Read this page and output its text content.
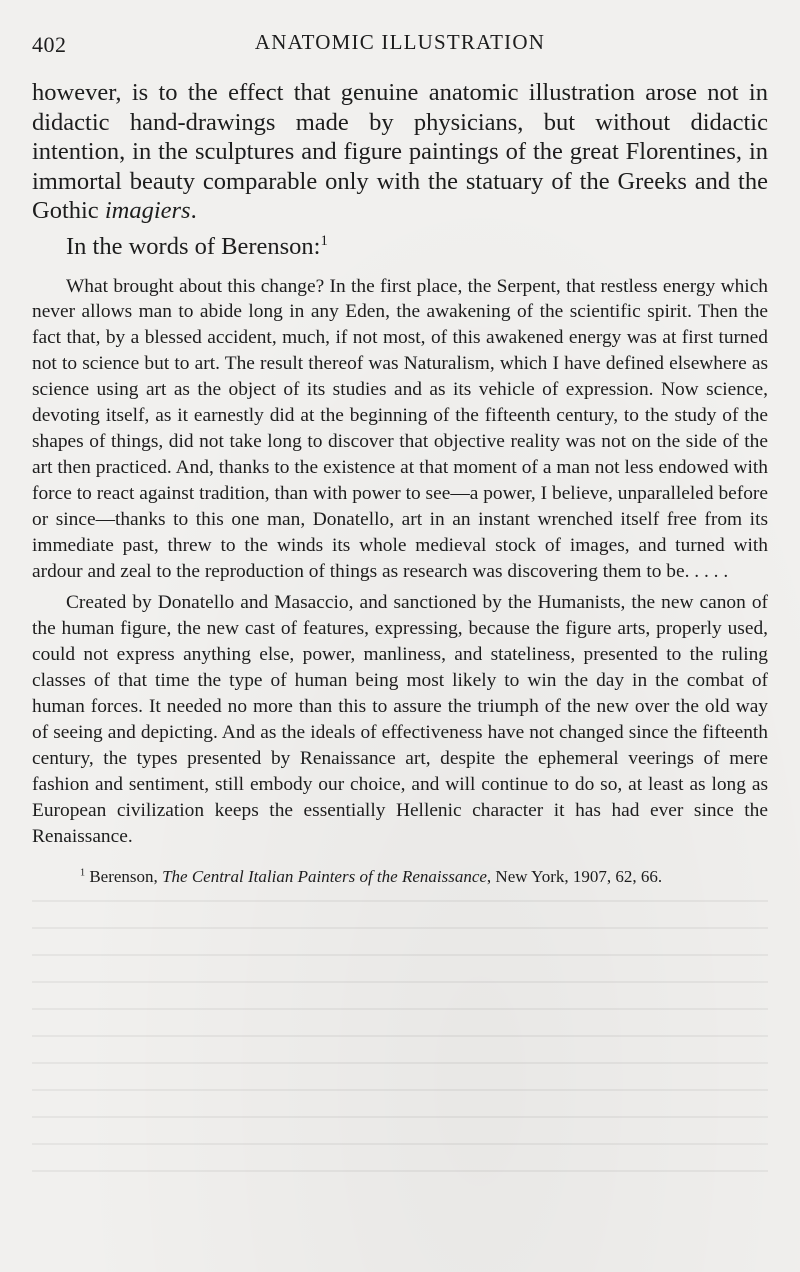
402	ANATOMIC ILLUSTRATION

however, is to the effect that genuine anatomic illustration arose not in didactic hand-drawings made by physicians, but without didactic intention, in the sculptures and figure paintings of the great Florentines, in immortal beauty comparable only with the statuary of the Greeks and the Gothic imagiers.

In the words of Berenson:$^1$

What brought about this change? In the first place, the Serpent, that restless energy which never allows man to abide long in any Eden, the awakening of the scientific spirit. Then the fact that, by a blessed accident, much, if not most, of this awakened energy was at first turned not to science but to art. The result thereof was Naturalism, which I have defined elsewhere as science using art as the object of its studies and as its vehicle of expression. Now science, devoting itself, as it earnestly did at the beginning of the fifteenth century, to the study of the shapes of things, did not take long to discover that objective reality was not on the side of the art then practiced. And, thanks to the existence at that moment of a man not less endowed with force to react against tradition, than with power to see—a power, I believe, unparalleled before or since—thanks to this one man, Donatello, art in an instant wrenched itself free from its immediate past, threw to the winds its whole medieval stock of images, and turned with ardour and zeal to the reproduction of things as research was discovering them to be. . . . .

Created by Donatello and Masaccio, and sanctioned by the Humanists, the new canon of the human figure, the new cast of features, expressing, because the figure arts, properly used, could not express anything else, power, manliness, and stateliness, presented to the ruling classes of that time the type of human being most likely to win the day in the combat of human forces. It needed no more than this to assure the triumph of the new over the old way of seeing and depicting. And as the ideals of effectiveness have not changed since the fifteenth century, the types presented by Renaissance art, despite the ephemeral veerings of mere fashion and sentiment, still embody our choice, and will continue to do so, at least as long as European civilization keeps the essentially Hellenic character it has had ever since the Renaissance.

$^1$ Berenson, The Central Italian Painters of the Renaissance, New York, 1907, 62, 66.
